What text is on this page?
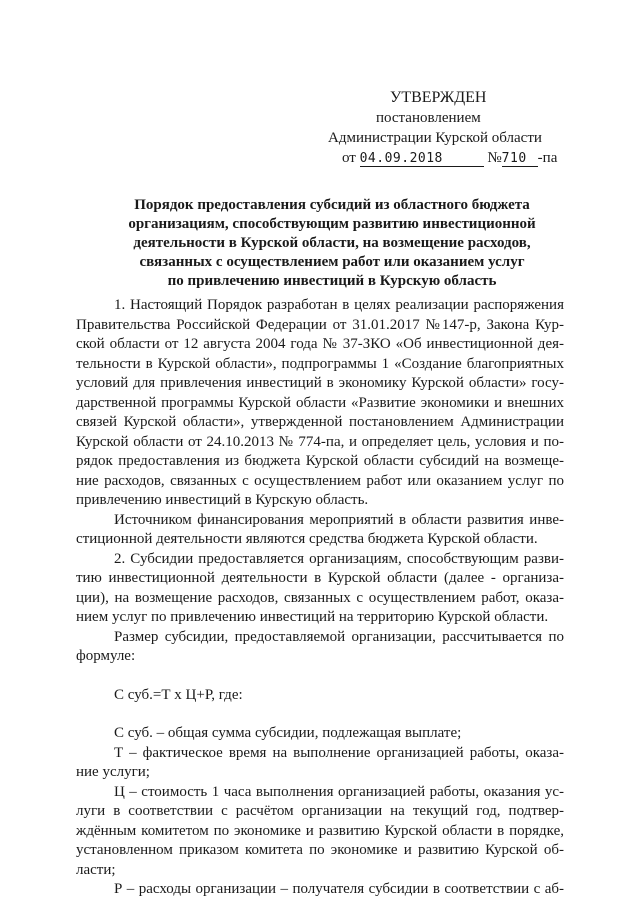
УТВЕРЖДЕН
постановлением
Администрации Курской области
от 04.09.2018	№710 -па
Порядок предоставления субсидий из областного бюджета
организациям, способствующим развитию инвестиционной
деятельности в Курской области, на возмещение расходов,
связанных с осуществлением работ или оказанием услуг
по привлечению инвестиций в Курскую область
1. Настоящий Порядок разработан в целях реализации распоряжения
Правительства Российской Федерации от 31.01.2017 №147-р, Закона Кур-
ской области от 12 августа 2004 года № 37-ЗКО «Об инвестиционной дея-
тельности в Курской области», подпрограммы 1 «Создание благоприятных
условий для привлечения инвестиций в экономику Курской области» госу-
дарственной программы Курской области «Развитие экономики и внешних
связей Курской области», утвержденной постановлением Администрации
Курской области от 24.10.2013 № 774-па, и определяет цель, условия и по-
рядок предоставления из бюджета Курской области субсидий на возмеще-
ние расходов, связанных с осуществлением работ или оказанием услуг по
привлечению инвестиций в Курскую область.
Источником финансирования мероприятий в области развития инве-
стиционной деятельности являются средства бюджета Курской области.
2. Субсидии предоставляется организациям, способствующим разви-
тию инвестиционной деятельности в Курской области (далее - организа-
ции), на возмещение расходов, связанных с осуществлением работ, оказа-
нием услуг по привлечению инвестиций на территорию Курской области.
Размер субсидии, предоставляемой организации, рассчитывается по
формуле:
С суб.=Т х Ц+Р, где:
С суб. – общая сумма субсидии, подлежащая выплате;
Т – фактическое время на выполнение организацией работы, оказа-
ние услуги;
Ц – стоимость 1 часа выполнения организацией работы, оказания ус-
луги в соответствии с расчётом организации на текущий год, подтвер-
ждённым комитетом по экономике и развитию Курской области в порядке,
установленном приказом комитета по экономике и развитию Курской об-
ласти;
Р – расходы организации – получателя субсидии в соответствии с аб-
